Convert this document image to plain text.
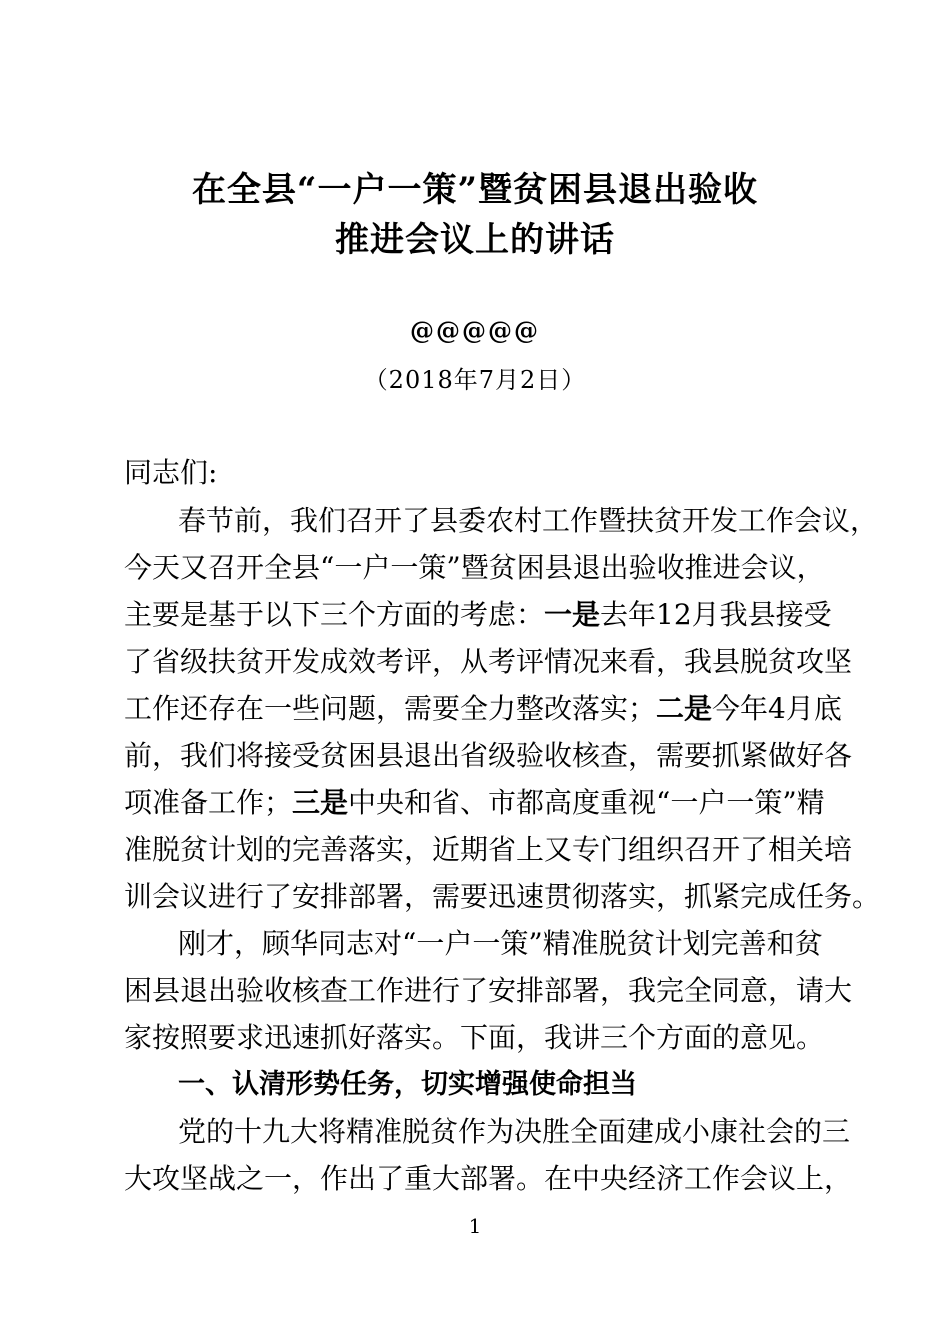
在全县“一户一策”暨贫困县退出验收
推进会议上的讲话
@@@@@
（2018年7月2日）
同志们:
春节前，我们召开了县委农村工作暨扶贫开发工作会议，
今天又召开全县“一户一策”暨贫困县退出验收推进会议，
主要是基于以下三个方面的考虑：一是去年12月我县接受
了省级扶贫开发成效考评，从考评情况来看，我县脱贫攻坚
工作还存在一些问题，需要全力整改落实；二是今年4月底
前，我们将接受贫困县退出省级验收核查，需要抓紧做好各
项准备工作；三是中央和省、市都高度重视“一户一策”精
准脱贫计划的完善落实，近期省上又专门组织召开了相关培
训会议进行了安排部署，需要迅速贯彻落实，抓紧完成任务。
刚才，顾华同志对“一户一策”精准脱贫计划完善和贫
困县退出验收核查工作进行了安排部署，我完全同意，请大
家按照要求迅速抓好落实。下面，我讲三个方面的意见。
一、认清形势任务，切实增强使命担当
党的十九大将精准脱贫作为决胜全面建成小康社会的三
大攻坚战之一，作出了重大部署。在中央经济工作会议上，
1
